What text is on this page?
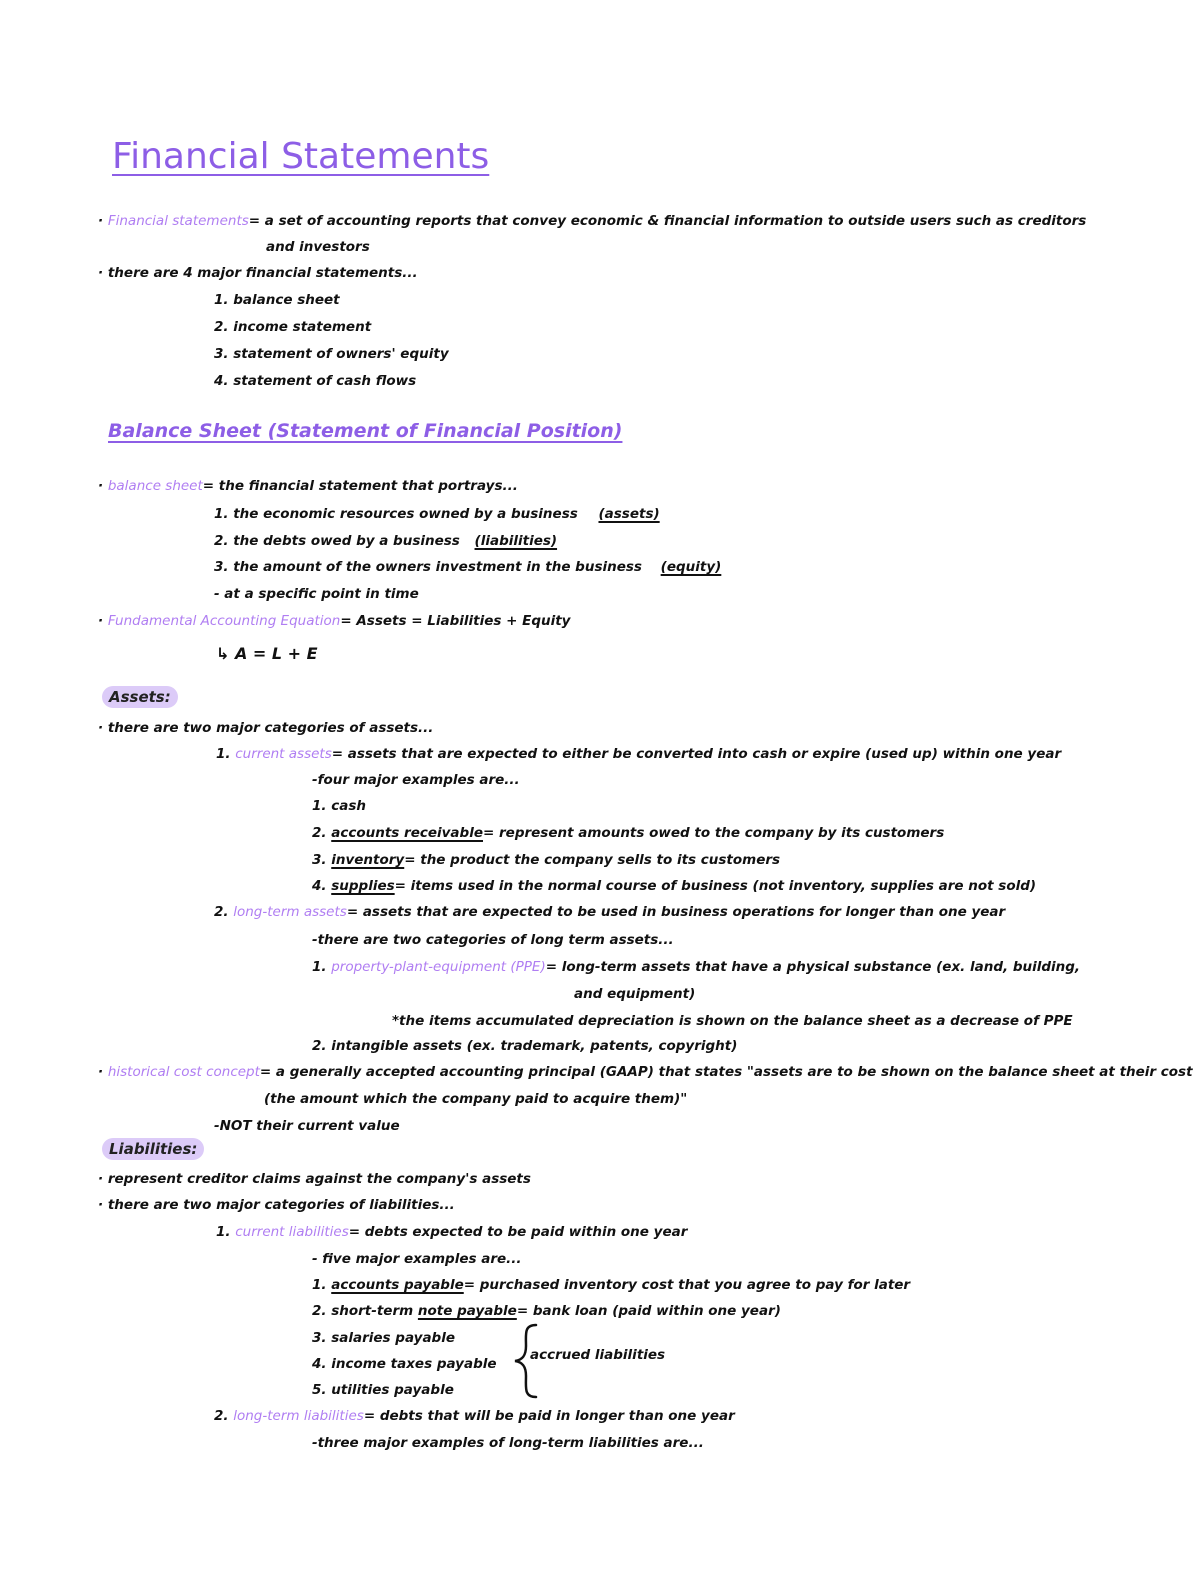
Financial Statements
· Financial statements= a set of accounting reports that convey economic & financial information to outside users such as creditors
and investors
· there are 4 major financial statements...
1. balance sheet
2. income statement
3. statement of owners' equity
4. statement of cash flows
Balance Sheet (Statement of Financial Position)
· balance sheet= the financial statement that portrays...
1. the economic resources owned by a business (assets)
2. the debts owed by a business (liabilities)
3. the amount of the owners investment in the business (equity)
- at a specific point in time
· Fundamental Accounting Equation= Assets = Liabilities + Equity
↳ A = L + E
Assets:
· there are two major categories of assets...
1. current assets= assets that are expected to either be converted into cash or expire (used up) within one year
-four major examples are...
1. cash
2. accounts receivable= represent amounts owed to the company by its customers
3. inventory= the product the company sells to its customers
4. supplies= items used in the normal course of business (not inventory, supplies are not sold)
2. long-term assets= assets that are expected to be used in business operations for longer than one year
-there are two categories of long term assets...
1. property-plant-equipment (PPE)= long-term assets that have a physical substance (ex. land, building,
and equipment)
*the items accumulated depreciation is shown on the balance sheet as a decrease of PPE
2. intangible assets (ex. trademark, patents, copyright)
· historical cost concept= a generally accepted accounting principal (GAAP) that states "assets are to be shown on the balance sheet at their cost
(the amount which the company paid to acquire them)"
-NOT their current value
Liabilities:
· represent creditor claims against the company's assets
· there are two major categories of liabilities...
1. current liabilities= debts expected to be paid within one year
- five major examples are...
1. accounts payable= purchased inventory cost that you agree to pay for later
2. short-term note payable= bank loan (paid within one year)
3. salaries payable
4. income taxes payable
5. utilities payable
accrued liabilities
2. long-term liabilities= debts that will be paid in longer than one year
-three major examples of long-term liabilities are...
